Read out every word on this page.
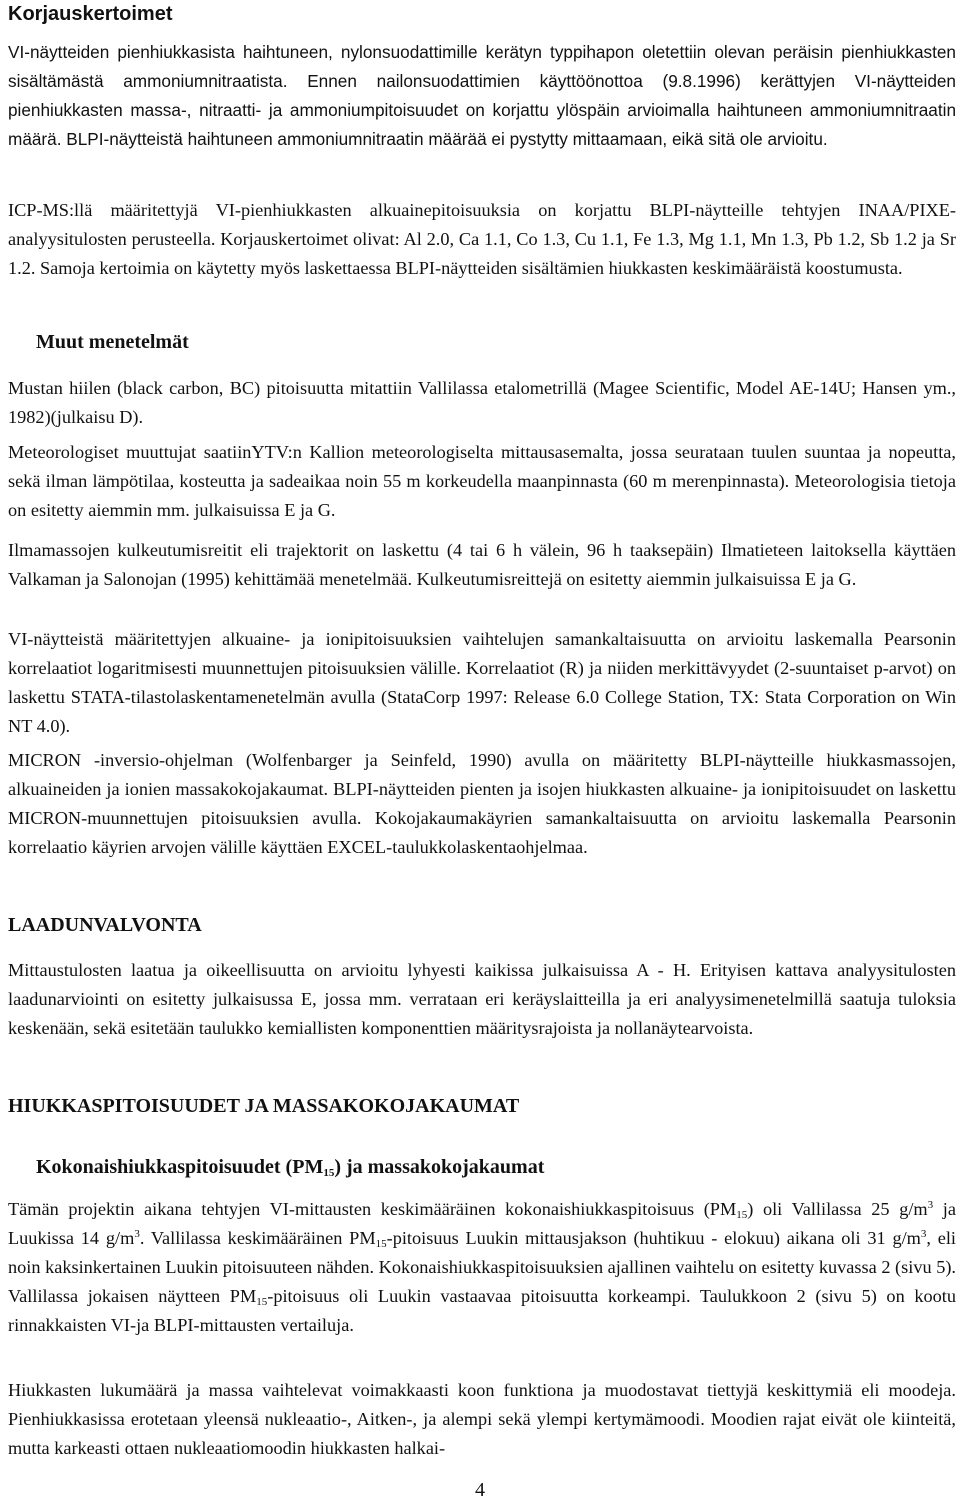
Korjauskertoimet

VI-näytteiden pienhiukkasista haihtuneen, nylonsuodattimille kerätyn typpihapon oletettiin olevan peräisin pienhiukkasten sisältämästä ammoniumnitraatista. Ennen nailonsuodattimien käyttöönottoa (9.8.1996) kerättyjen VI-näytteiden pienhiukkasten massa-, nitraatti- ja ammoniumpitoisuudet on korjattu ylöspäin arvioimalla haihtuneen ammoniumnitraatin määrä. BLPI-näytteistä haihtuneen ammoniumnitraatin määrää ei pystytty mittaamaan, eikä sitä ole arvioitu.

ICP-MS:llä määritettyjä VI-pienhiukkasten alkuainepitoisuuksia on korjattu BLPI-näytteille tehtyjen INAA/PIXE-analyysitulosten perusteella. Korjauskertoimet olivat: Al 2.0, Ca 1.1, Co 1.3, Cu 1.1, Fe 1.3, Mg 1.1, Mn 1.3, Pb 1.2, Sb 1.2 ja Sr 1.2. Samoja kertoimia on käytetty myös laskettaessa BLPI-näytteiden sisältämien hiukkasten keskimääräistä koostumusta.

Muut menetelmät

Mustan hiilen (black carbon, BC) pitoisuutta mitattiin Vallilassa etalometrillä (Magee Scientific, Model AE-14U; Hansen ym., 1982)(julkaisu D).

Meteorologiset muuttujat saatiinYTV:n Kallion meteorologiselta mittausasemalta, jossa seurataan tuulen suuntaa ja nopeutta, sekä ilman lämpötilaa, kosteutta ja sadeaikaa noin 55 m korkeudella maanpinnasta (60 m merenpinnasta). Meteorologisia tietoja on esitetty aiemmin mm. julkaisuissa E ja G.

Ilmamassojen kulkeutumisreitit eli trajektorit on laskettu (4 tai 6 h välein, 96 h taaksepäin) Ilmatieteen laitoksella käyttäen Valkaman ja Salonojan (1995) kehittämää menetelmää. Kulkeutumisreittejä on esitetty aiemmin julkaisuissa E ja G.

VI-näytteistä määritettyjen alkuaine- ja ionipitoisuuksien vaihtelujen samankaltaisuutta on arvioitu laskemalla Pearsonin korrelaatiot logaritmisesti muunnettujen pitoisuuksien välille. Korrelaatiot (R) ja niiden merkittävyydet (2-suuntaiset p-arvot) on laskettu STATA-tilastolaskentamenetelmän avulla (StataCorp 1997: Release 6.0 College Station, TX: Stata Corporation on Win NT 4.0).

MICRON -inversio-ohjelman (Wolfenbarger ja Seinfeld, 1990) avulla on määritetty BLPI-näytteille hiukkasmassojen, alkuaineiden ja ionien massakokojakaumat. BLPI-näytteiden pienten ja isojen hiukkasten alkuaine- ja ionipitoisuudet on laskettu MICRON-muunnettujen pitoisuuksien avulla. Kokojakaumakäyrien samankaltaisuutta on arvioitu laskemalla Pearsonin korrelaatio käyrien arvojen välille käyttäen EXCEL-taulukkolaskentaohjelmaa.

LAADUNVALVONTA

Mittaustulosten laatua ja oikeellisuutta on arvioitu lyhyesti kaikissa julkaisuissa A - H. Erityisen kattava analyysitulosten laadunarviointi on esitetty julkaisussa E, jossa mm. verrataan eri keräyslaitteilla ja eri analyysimenetelmillä saatuja tuloksia keskenään, sekä esitetään taulukko kemiallisten komponenttien määritysrajoista ja nollanäytearvoista.

HIUKKASPITOISUUDET JA MASSAKOKOJAKAUMAT
Kokonaishiukkaspitoisuudet $(PM_{15})$ ja massakokojakaumat

Tämän projektin aikana tehtyjen VI-mittausten keskimääräinen kokonaishiukkaspitoisuus $(PM_{15})$ oli Vallilassa 25 $g/m^3$ ja Luukissa 14 $g/m^3$. Vallilassa keskimääräinen $PM_{15}$-pitoisuus Luukin mittausjakson (huhtikuu - elokuu) aikana oli 31 $g/m^3$, eli noin kaksinkertainen Luukin pitoisuuteen nähden. Kokonaishiukkaspitoisuuksien ajallinen vaihtelu on esitetty kuvassa 2 (sivu 5). Vallilassa jokaisen näytteen $PM_{15}$-pitoisuus oli Luukin vastaavaa pitoisuutta korkeampi. Taulukkoon 2 (sivu 5) on kootu rinnakkaisten VI-ja BLPI-mittausten vertailuja.

Hiukkasten lukumäärä ja massa vaihtelevat voimakkaasti koon funktiona ja muodostavat tiettyjä keskittymiä eli moodeja. Pienhiukkasissa erotetaan yleensä nukleaatio-, Aitken-, ja alempi sekä ylempi kertymämoodi. Moodien rajat eivät ole kiinteitä, mutta karkeasti ottaen nukleaatiomoodin hiukkasten halkai-

4
